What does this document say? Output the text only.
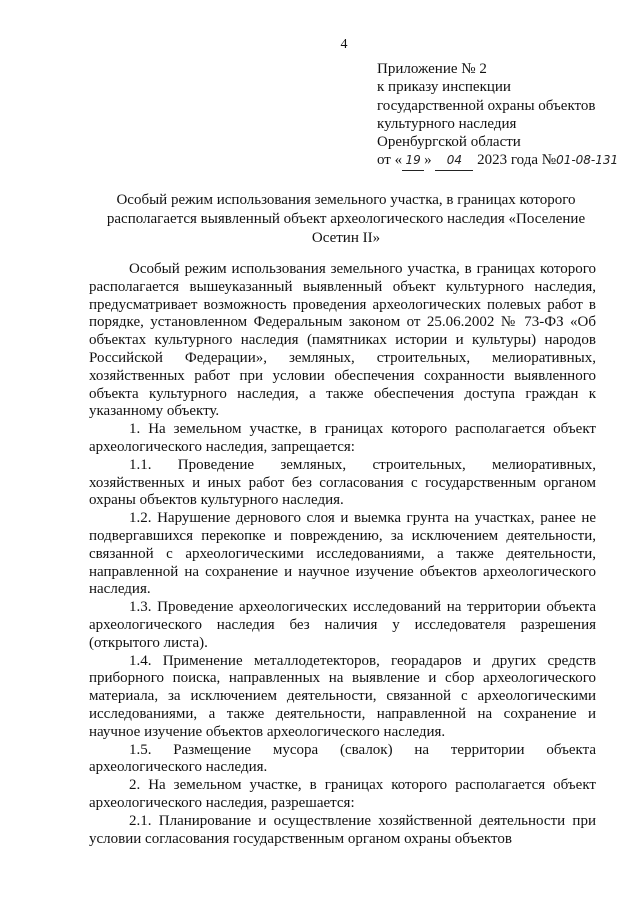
4
Приложение № 2
к приказу инспекции
государственной охраны объектов
культурного наследия
Оренбургской области
от « 19 » 04 2023 года №01-08-131
Особый режим использования земельного участка, в границах которого располагается выявленный объект археологического наследия «Поселение Осетин II»

Особый режим использования земельного участка, в границах которого располагается вышеуказанный выявленный объект культурного наследия, предусматривает возможность проведения археологических полевых работ в порядке, установленном Федеральным законом от 25.06.2002 № 73-ФЗ «Об объектах культурного наследия (памятниках истории и культуры) народов Российской Федерации», земляных, строительных, мелиоративных, хозяйственных работ при условии обеспечения сохранности выявленного объекта культурного наследия, а также обеспечения доступа граждан к указанному объекту.

1. На земельном участке, в границах которого располагается объект археологического наследия, запрещается:

1.1. Проведение земляных, строительных, мелиоративных, хозяйственных и иных работ без согласования с государственным органом охраны объектов культурного наследия.

1.2. Нарушение дернового слоя и выемка грунта на участках, ранее не подвергавшихся перекопке и повреждению, за исключением деятельности, связанной с археологическими исследованиями, а также деятельности, направленной на сохранение и научное изучение объектов археологического наследия.

1.3. Проведение археологических исследований на территории объекта археологического наследия без наличия у исследователя разрешения (открытого листа).

1.4. Применение металлодетекторов, георадаров и других средств приборного поиска, направленных на выявление и сбор археологического материала, за исключением деятельности, связанной с археологическими исследованиями, а также деятельности, направленной на сохранение и научное изучение объектов археологического наследия.

1.5. Размещение мусора (свалок) на территории объекта археологического наследия.

2. На земельном участке, в границах которого располагается объект археологического наследия, разрешается:

2.1. Планирование и осуществление хозяйственной деятельности при условии согласования государственным органом охраны объектов
